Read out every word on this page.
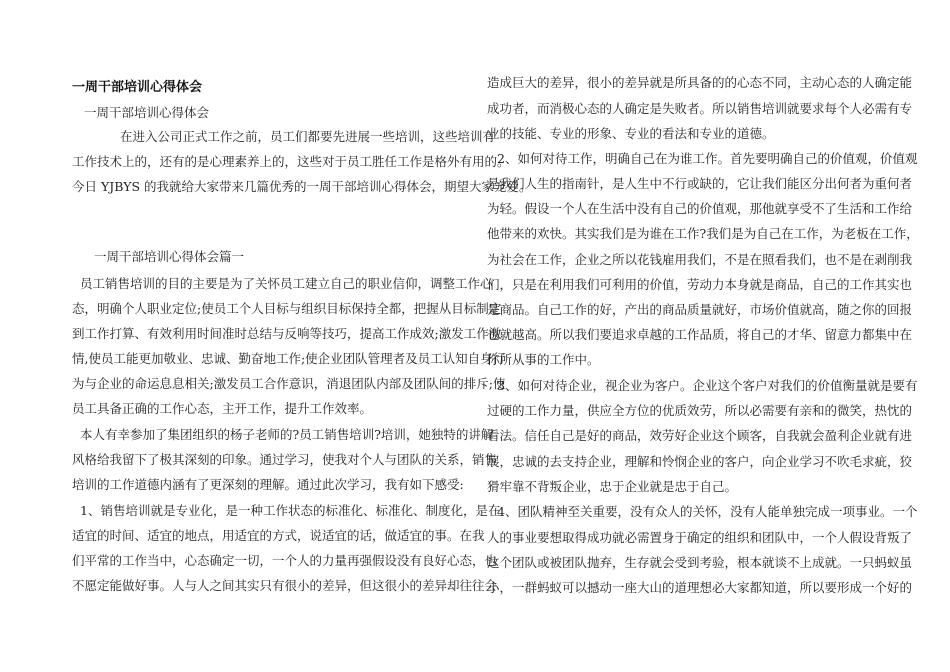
一周干部培训心得体会
一周干部培训心得体会
在进入公司正式工作之前，员工们都要先进展一些培训，这些培训有
工作技术上的，还有的是心理素养上的，这些对于员工胜任工作是格外有用的。
今日 YJBYS 的我就给大家带来几篇优秀的一周干部培训心得体会，期望大家宠爱。
一周干部培训心得体会篇一
员工销售培训的目的主要是为了关怀员工建立自己的职业信仰，调整工作心
态，明确个人职业定位;使员工个人目标与组织目标保持全都，把握从目标制定
到工作打算、有效利用时间准时总结与反响等技巧，提高工作成效;激发工作激
情,使员工能更加敬业、忠诚、勤奋地工作;使企业团队管理者及员工认知自身行
为与企业的命运息息相关;激发员工合作意识，消退团队内部及团队间的排斥;使
员工具备正确的工作心态，主开工作，提升工作效率。
本人有幸参加了集团组织的杨子老师的?员工销售培训?培训，她独特的讲解
风格给我留下了极其深刻的印象。通过学习，使我对个人与团队的关系，销售
培训的工作道德内涵有了更深刻的理解。通过此次学习，我有如下感受:
1、销售培训就是专业化，是一种工作状态的标准化、标准化、制度化，是在
适宜的时间、适宜的地点，用适宜的方式，说适宜的话，做适宜的事。在我
们平常的工作当中，心态确定一切，一个人的力量再强假设没有良好心态，也
不愿定能做好事。人与人之间其实只有很小的差异，但这很小的差异却往往会
造成巨大的差异，很小的差异就是所具备的的心态不同，主动心态的人确定能
成功者，而消极心态的人确定是失败者。所以销售培训就要求每个人必需有专
业的技能、专业的形象、专业的看法和专业的道德。
2、如何对待工作，明确自己在为谁工作。首先要明确自己的价值观，价值观
是我们人生的指南针，是人生中不行或缺的，它让我们能区分出何者为重何者
为轻。假设一个人在生活中没有自己的价值观，那他就享受不了生活和工作给
他带来的欢快。其实我们是为谁在工作?我们是为自己在工作，为老板在工作，
为社会在工作，企业之所以花钱雇用我们，不是在照看我们，也不是在剥削我
们，只是在利用我们可利用的价值，劳动力本身就是商品，自己的工作其实也
是商品。自己工作的好，产出的商品质量就好，市场价值就高，随之你的回报
也就越高。所以我们要追求卓越的工作品质，将自己的才华、留意力都集中在
你所从事的工作中。
3、如何对待企业，视企业为客户。企业这个客户对我们的价值衡量就是要有
过硬的工作力量，供应全方位的优质效劳，所以必需要有亲和的微笑，热忱的
看法。信任自己是好的商品，效劳好企业这个顾客，自我就会盈利企业就有进
展，忠诚的去支持企业，理解和怜悯企业的客户，向企业学习不吹毛求疵，狡
猾牢靠不背叛企业，忠于企业就是忠于自己。
4、团队精神至关重要，没有众人的关怀，没有人能单独完成一项事业。一个
人的事业要想取得成功就必需置身于确定的组织和团队中，一个人假设背叛了
这个团队或被团队抛弃，生存就会受到考验，根本就谈不上成就。一只蚂蚁虽
小，一群蚂蚁可以撼动一座大山的道理想必大家都知道，所以要形成一个好的
